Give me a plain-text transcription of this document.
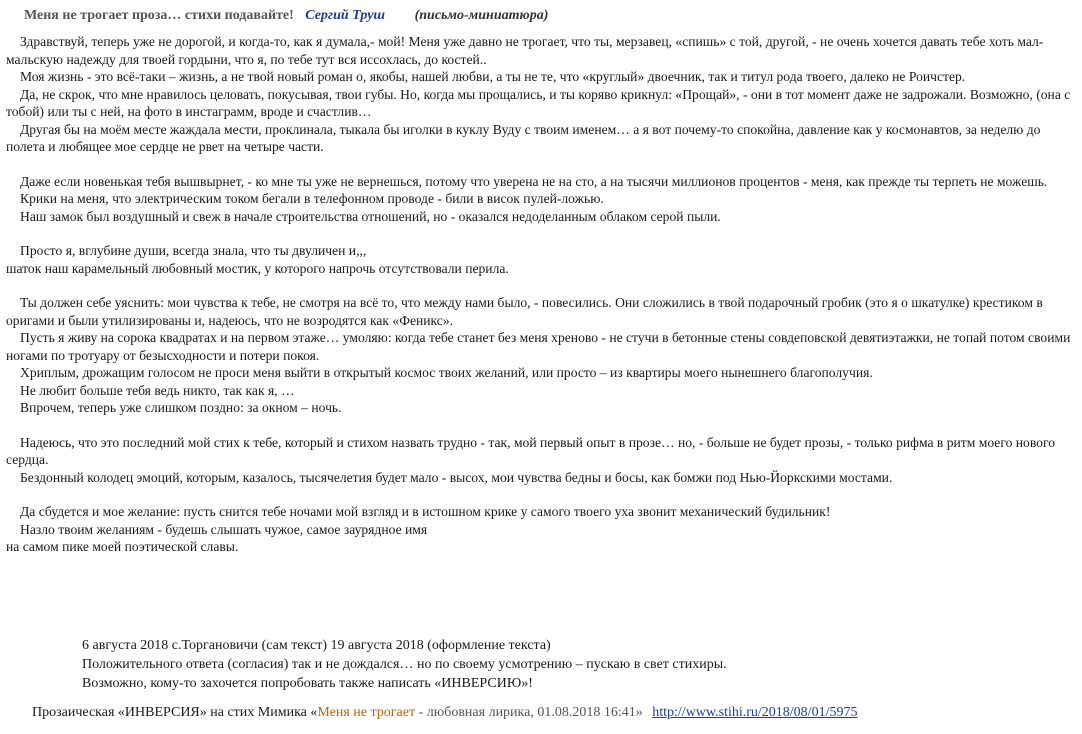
Меня не трогает проза… стихи подавайте! Сергий Труш (письмо-миниатюра)

Здравствуй, теперь уже не дорогой, и когда-то, как я думала,- мой! Меня уже давно не трогает, что ты, мерзавец, «спишь» с той, другой, - не очень хочется давать тебе хоть мал-мальскую надежду для твоей гордыни, что я, по тебе тут вся иссохлась, до костей..

Моя жизнь - это всё-таки – жизнь, а не твой новый роман о, якобы, нашей любви, а ты не те, что «круглый» двоечник, так и титул рода твоего, далеко не Роичстер.

Да, не скрок, что мне нравилось целовать, покусывая, твои губы. Но, когда мы прощались, и ты коряво крикнул: «Прощай», - они в тот момент даже не задрожали. Возможно, (она с тобой) или ты с ней, на фото в инстаграмм, вроде и счастлив…

Другая бы на моём месте жаждала мести, проклинала, тыкала бы иголки в куклу Вуду с твоим именем… а я вот почему-то спокойна, давление как у космонавтов, за неделю до полета и любящее мое сердце не рвет на четыре части.

Даже если новенькая тебя вышвырнет, - ко мне ты уже не вернешься, потому что уверена не на сто, а на тысячи миллионов процентов - меня, как прежде ты терпеть не можешь.

Крики на меня, что электрическим током бегали в телефонном проводе - били в висок пулей-ложью.

Наш замок был воздушный и свеж в начале строительства отношений, но - оказался недоделанным облаком серой пыли.

Просто я, вглубине души, всегда знала, что ты двуличен и,,,

шаток наш карамельный любовный мостик, у которого напрочь отсутствовали перила.

Ты должен себе уяснить: мои чувства к тебе, не смотря на всё то, что между нами было, - повесились. Они сложились в твой подарочный гробик (это я о шкатулке) крестиком в оригами и были утилизированы и, надеюсь, что не возродятся как «Феникс».

Пусть я живу на сорока квадратах и на первом этаже… умоляю: когда тебе станет без меня хреново - не стучи в бетонные стены совдеповской девятиэтажки, не топай потом своими ногами по тротуару от безысходности и потери покоя.

Хриплым, дрожащим голосом не проси меня выйти в открытый космос твоих желаний, или просто – из квартиры моего нынешнего благополучия.

Не любит больше тебя ведь никто, так как я, …

Впрочем, теперь уже слишком поздно: за окном – ночь.

Надеюсь, что это последний мой стих к тебе, который и стихом назвать трудно - так, мой первый опыт в прозе… но, - больше не будет прозы, - только рифма в ритм моего нового сердца.

Бездонный колодец эмоций, которым, казалось, тысячелетия будет мало - высох, мои чувства бедны и босы, как бомжи под Нью-Йоркскими мостами.

Да сбудется и мое желание: пусть снится тебе ночами мой взгляд и в истошном крике у самого твоего уха звонит механический будильник!

Назло твоим желаниям - будешь слышать чужое, самое заурядное имя

на самом пике моей поэтической славы.

6 августа 2018 с.Торгановичи (сам текст) 19 августа 2018 (оформление текста)
Положительного ответа (согласия) так и не дождался… но по своему усмотрению – пускаю в свет стихиры.
Возможно, кому-то захочется попробовать также написать «ИНВЕРСИЮ»!
Прозаическая «ИНВЕРСИЯ» на стих Мимика «Меня не трогает - любовная лирика, 01.08.2018 16:41» http://www.stihi.ru/2018/08/01/5975
